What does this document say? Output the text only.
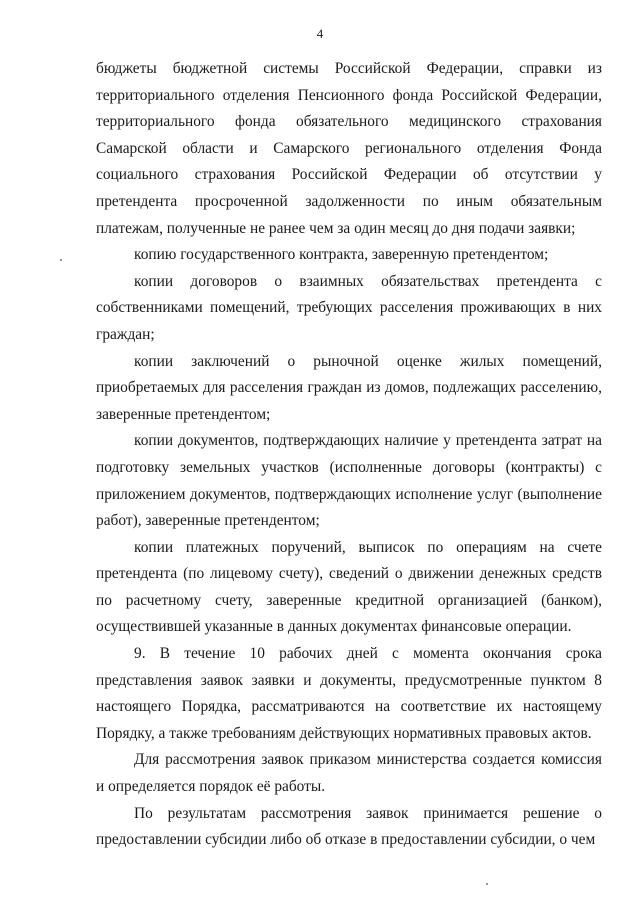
4

бюджеты бюджетной системы Российской Федерации, справки из территориального отделения Пенсионного фонда Российской Федерации, территориального фонда обязательного медицинского страхования Самарской области и Самарского регионального отделения Фонда социального страхования Российской Федерации об отсутствии у претендента просроченной задолженности по иным обязательным платежам, полученные не ранее чем за один месяц до дня подачи заявки;

копию государственного контракта, заверенную претендентом;

копии договоров о взаимных обязательствах претендента с собственниками помещений, требующих расселения проживающих в них граждан;

копии заключений о рыночной оценке жилых помещений, приобретаемых для расселения граждан из домов, подлежащих расселению, заверенные претендентом;

копии документов, подтверждающих наличие у претендента затрат на подготовку земельных участков (исполненные договоры (контракты) с приложением документов, подтверждающих исполнение услуг (выполнение работ), заверенные претендентом;

копии платежных поручений, выписок по операциям на счете претендента (по лицевому счету), сведений о движении денежных средств по расчетному счету, заверенные кредитной организацией (банком), осуществившей указанные в данных документах финансовые операции.

9. В течение 10 рабочих дней с момента окончания срока представления заявок заявки и документы, предусмотренные пунктом 8 настоящего Порядка, рассматриваются на соответствие их настоящему Порядку, а также требованиям действующих нормативных правовых актов.

Для рассмотрения заявок приказом министерства создается комиссия и определяется порядок её работы.

По результатам рассмотрения заявок принимается решение о предоставлении субсидии либо об отказе в предоставлении субсидии, о чем
